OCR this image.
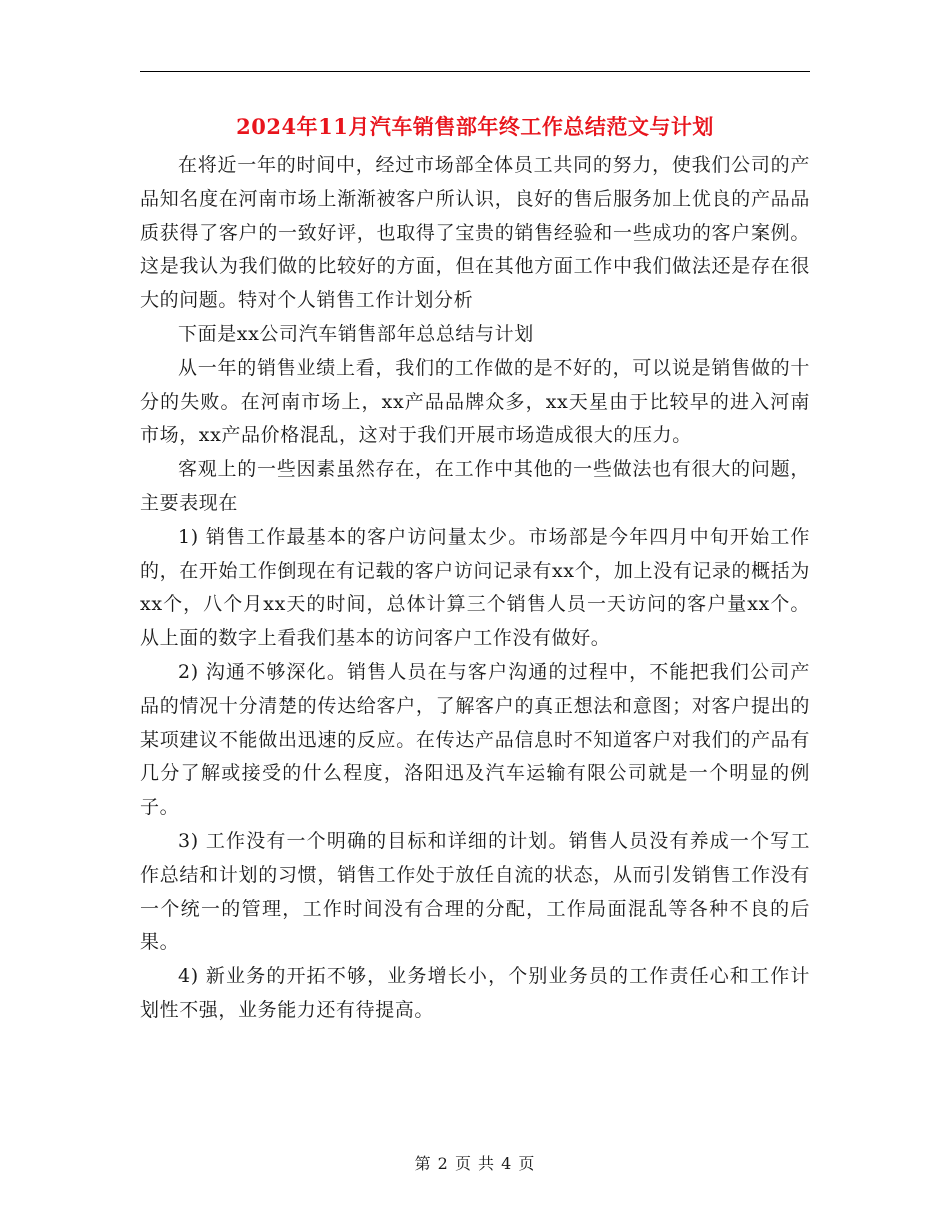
2024年11月汽车销售部年终工作总结范文与计划

在将近一年的时间中，经过市场部全体员工共同的努力，使我们公司的产品知名度在河南市场上渐渐被客户所认识，良好的售后服务加上优良的产品品质获得了客户的一致好评，也取得了宝贵的销售经验和一些成功的客户案例。这是我认为我们做的比较好的方面，但在其他方面工作中我们做法还是存在很大的问题。特对个人销售工作计划分析

下面是xx公司汽车销售部年总总结与计划

从一年的销售业绩上看，我们的工作做的是不好的，可以说是销售做的十分的失败。在河南市场上，xx产品品牌众多，xx天星由于比较早的进入河南市场，xx产品价格混乱，这对于我们开展市场造成很大的压力。

客观上的一些因素虽然存在，在工作中其他的一些做法也有很大的问题，主要表现在

1) 销售工作最基本的客户访问量太少。市场部是今年四月中旬开始工作的，在开始工作倒现在有记载的客户访问记录有xx个，加上没有记录的概括为xx个，八个月xx天的时间，总体计算三个销售人员一天访问的客户量xx个。从上面的数字上看我们基本的访问客户工作没有做好。

2) 沟通不够深化。销售人员在与客户沟通的过程中，不能把我们公司产品的情况十分清楚的传达给客户，了解客户的真正想法和意图；对客户提出的某项建议不能做出迅速的反应。在传达产品信息时不知道客户对我们的产品有几分了解或接受的什么程度，洛阳迅及汽车运输有限公司就是一个明显的例子。

3) 工作没有一个明确的目标和详细的计划。销售人员没有养成一个写工作总结和计划的习惯，销售工作处于放任自流的状态，从而引发销售工作没有一个统一的管理，工作时间没有合理的分配，工作局面混乱等各种不良的后果。

4) 新业务的开拓不够，业务增长小，个别业务员的工作责任心和工作计划性不强，业务能力还有待提高。

第 2 页 共 4 页
